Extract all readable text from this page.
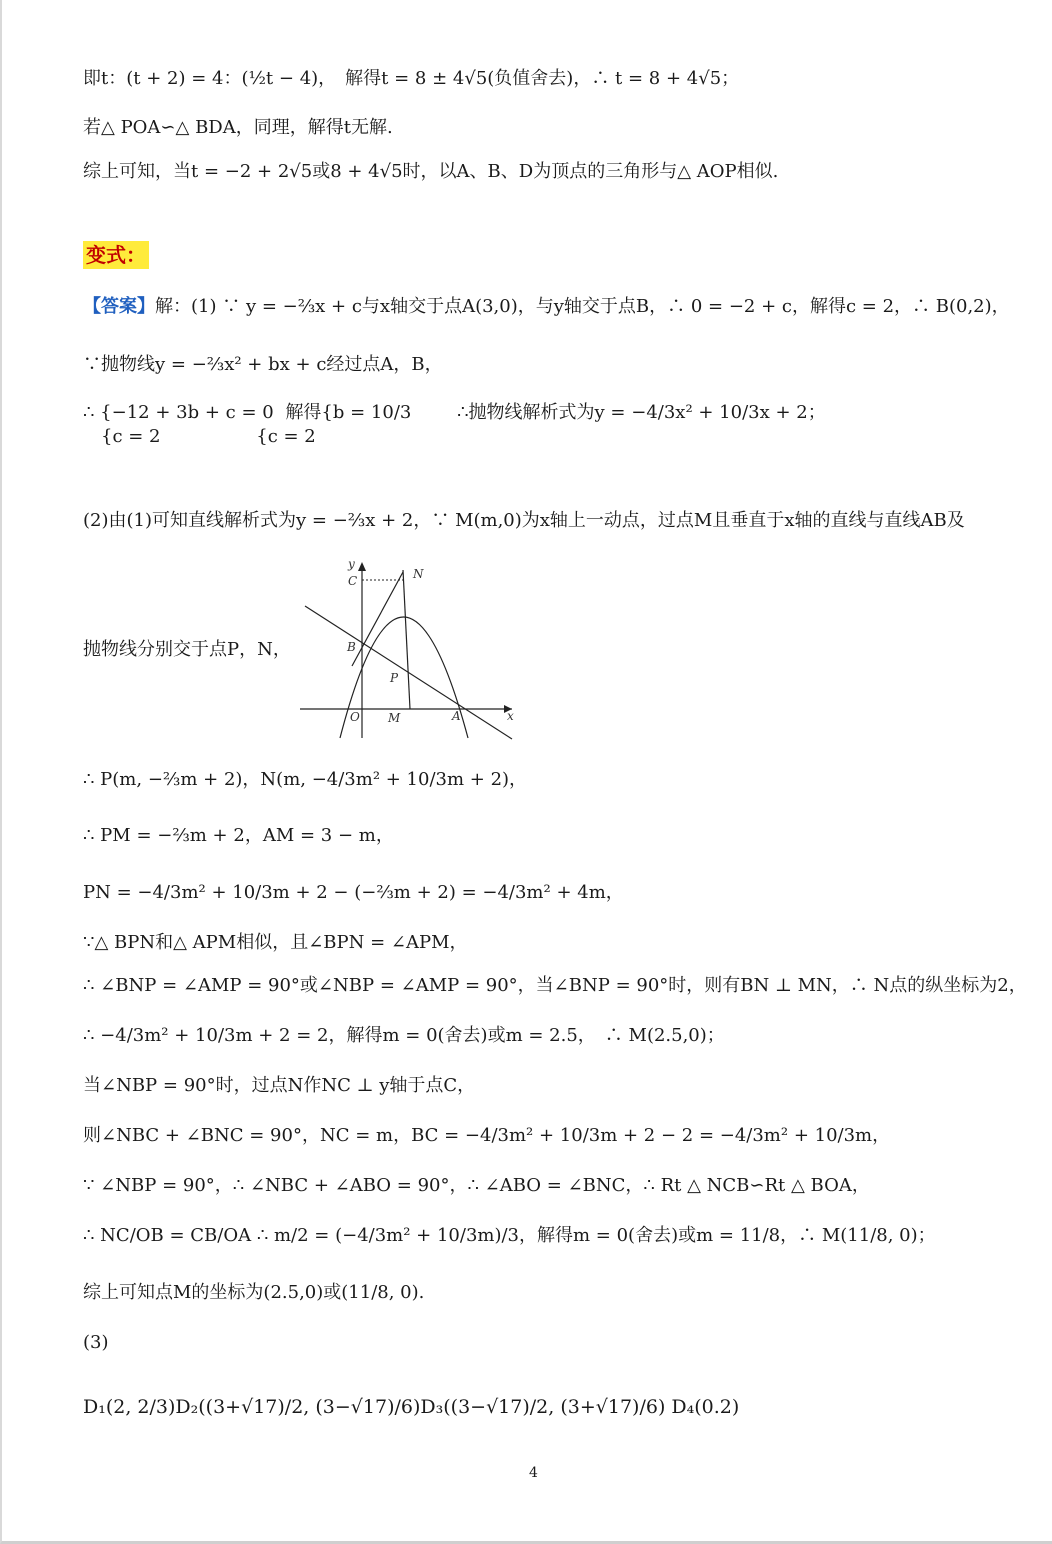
即t：(t + 2) = 4：(½t − 4)，　解得t = 8 ± 4√5(负值舍去)，∴ t = 8 + 4√5；
若△ POA∽△ BDA，同理，解得t无解.
综上可知，当t = −2 + 2√5或8 + 4√5时，以A、B、D为顶点的三角形与△ AOP相似.
变式：
【答案】解：(1) ∵ y = −⅔x + c与x轴交于点A(3,0)，与y轴交于点B，∴ 0 = −2 + c，解得c = 2，∴ B(0,2)，
∵抛物线y = −⅔x² + bx + c经过点A，B，
∴ {−12 + 3b + c = 0 解得{b = 10/3	∴抛物线解析式为y = −4/3x² + 10/3x + 2；
　{c = 2	{c = 2
(2)由(1)可知直线解析式为y = −⅔x + 2，∵ M(m,0)为x轴上一动点，过点M且垂直于x轴的直线与直线AB及
y
C	N
B
P
O M	A	x
抛物线分别交于点P，N，
∴ P(m, −⅔m + 2)，N(m, −4/3m² + 10/3m + 2)，
∴ PM = −⅔m + 2，AM = 3 − m，
PN = −4/3m² + 10/3m + 2 − (−⅔m + 2) = −4/3m² + 4m，
∵△ BPN和△ APM相似，且∠BPN = ∠APM，
∴ ∠BNP = ∠AMP = 90°或∠NBP = ∠AMP = 90°，当∠BNP = 90°时，则有BN ⊥ MN，∴ N点的纵坐标为2，
∴ −4/3m² + 10/3m + 2 = 2，解得m = 0(舍去)或m = 2.5，　∴ M(2.5,0)；
当∠NBP = 90°时，过点N作NC ⊥ y轴于点C，
则∠NBC + ∠BNC = 90°，NC = m，BC = −4/3m² + 10/3m + 2 − 2 = −4/3m² + 10/3m，
∵ ∠NBP = 90°，∴ ∠NBC + ∠ABO = 90°，∴ ∠ABO = ∠BNC，∴ Rt △ NCB∽Rt △ BOA，
∴ NC/OB = CB/OA ∴ m/2 = (−4/3m² + 10/3m)/3，解得m = 0(舍去)或m = 11/8，∴ M(11/8, 0)；
综上可知点M的坐标为(2.5,0)或(11/8, 0).
(3)
D₁(2, 2/3)D₂((3+√17)/2, (3−√17)/6)D₃((3−√17)/2, (3+√17)/6) D₄(0.2)
4
